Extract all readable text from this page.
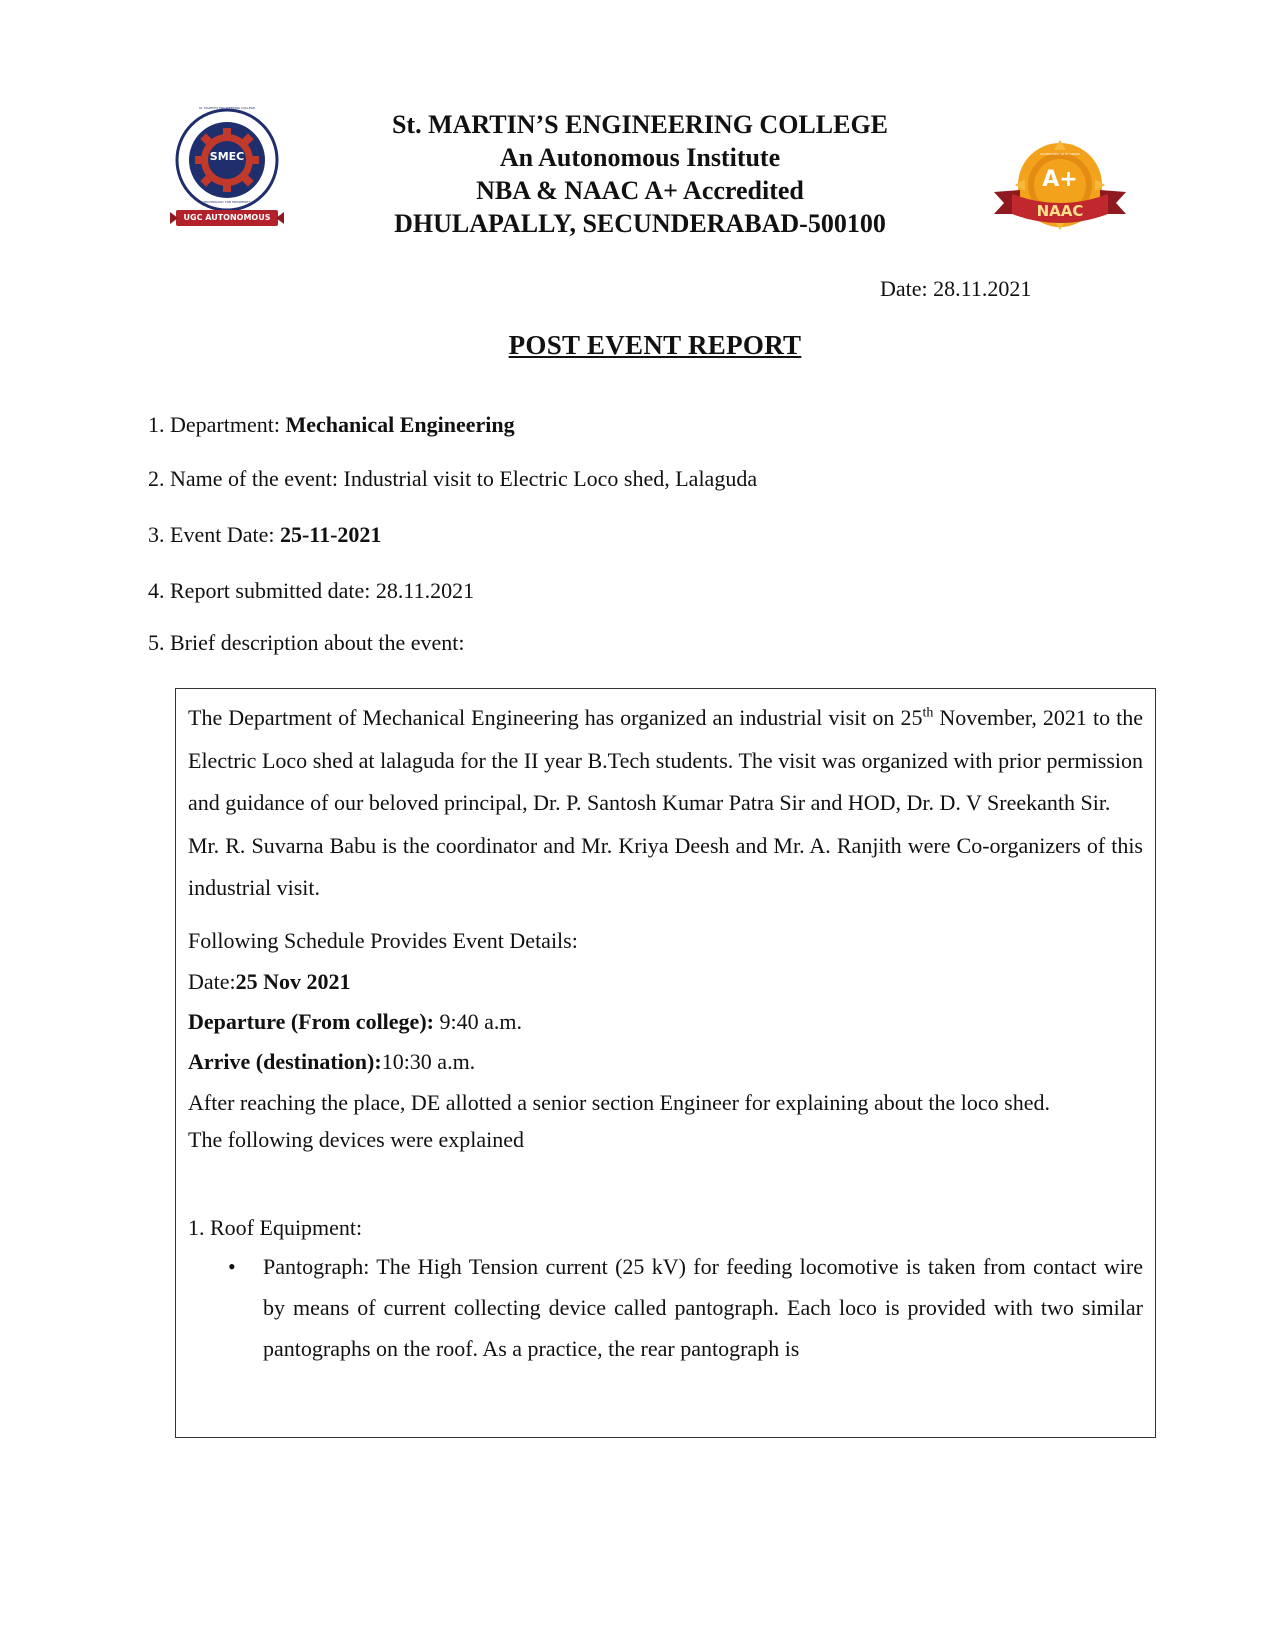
SMEC
St. MARTIN'S ENGINEERING COLLEGE
TECHNOLOGY FOR PROSPERITY
UGC AUTONOMOUS
St. MARTIN’S ENGINEERING COLLEGE
An Autonomous Institute
NBA & NAAC A+ Accredited
DHULAPALLY, SECUNDERABAD-500100
A+
NAAC
ACCREDITED WITH GRADE
Date: 28.11.2021
POST EVENT REPORT
1. Department: Mechanical Engineering
2. Name of the event: Industrial visit to Electric Loco shed, Lalaguda
3. Event Date: 25-11-2021
4. Report submitted date: 28.11.2021
5. Brief description about the event:

The Department of Mechanical Engineering has organized an industrial visit on 25th November, 2021 to the Electric Loco shed at lalaguda for the II year B.Tech students. The visit was organized with prior permission and guidance of our beloved principal, Dr. P. Santosh Kumar Patra Sir and HOD, Dr. D. V Sreekanth Sir.

Mr. R. Suvarna Babu is the coordinator and Mr. Kriya Deesh and Mr. A. Ranjith were Co-organizers of this industrial visit.

Following Schedule Provides Event Details:

Date:25 Nov 2021

Departure (From college): 9:40 a.m.

Arrive (destination):10:30 a.m.

After reaching the place, DE allotted a senior section Engineer for explaining about the loco shed.

The following devices were explained

1. Roof Equipment:

•	Pantograph: The High Tension current (25 kV) for feeding locomotive is taken from contact wire by means of current collecting device called pantograph. Each loco is provided with two similar pantographs on the roof. As a practice, the rear pantograph is
